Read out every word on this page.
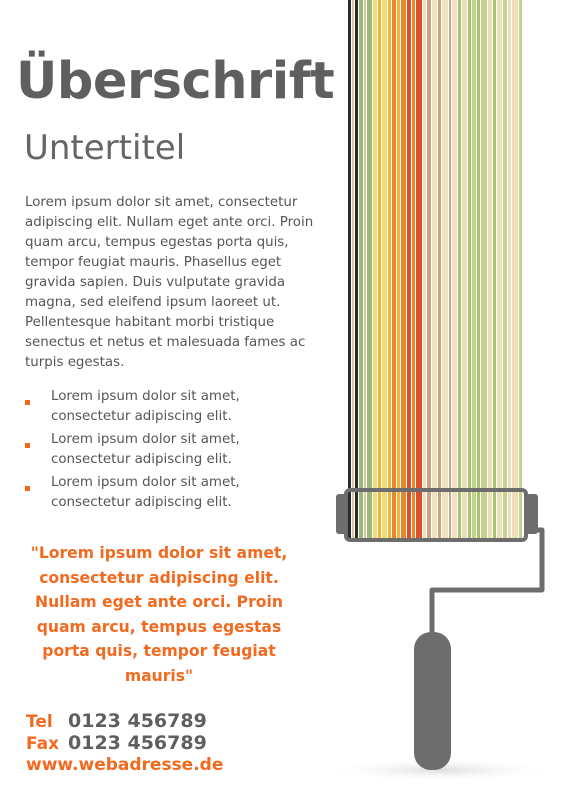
Überschrift
Untertitel
Lorem ipsum dolor sit amet, consectetur adipiscing elit. Nullam eget ante orci. Proin quam arcu, tempus egestas porta quis, tempor feugiat mauris. Phasellus eget gravida sapien. Duis vulputate gravida magna, sed eleifend ipsum laoreet ut. Pellentesque habitant morbi tristique senectus et netus et malesuada fames ac turpis egestas.
Lorem ipsum dolor sit amet, consectetur adipiscing elit.
Lorem ipsum dolor sit amet, consectetur adipiscing elit.
Lorem ipsum dolor sit amet, consectetur adipiscing elit.
"Lorem ipsum dolor sit amet, consectetur adipiscing elit. Nullam eget ante orci. Proin quam arcu, tempus egestas porta quis, tempor feugiat mauris"
Tel 0123 456789
Fax 0123 456789
www.webadresse.de
